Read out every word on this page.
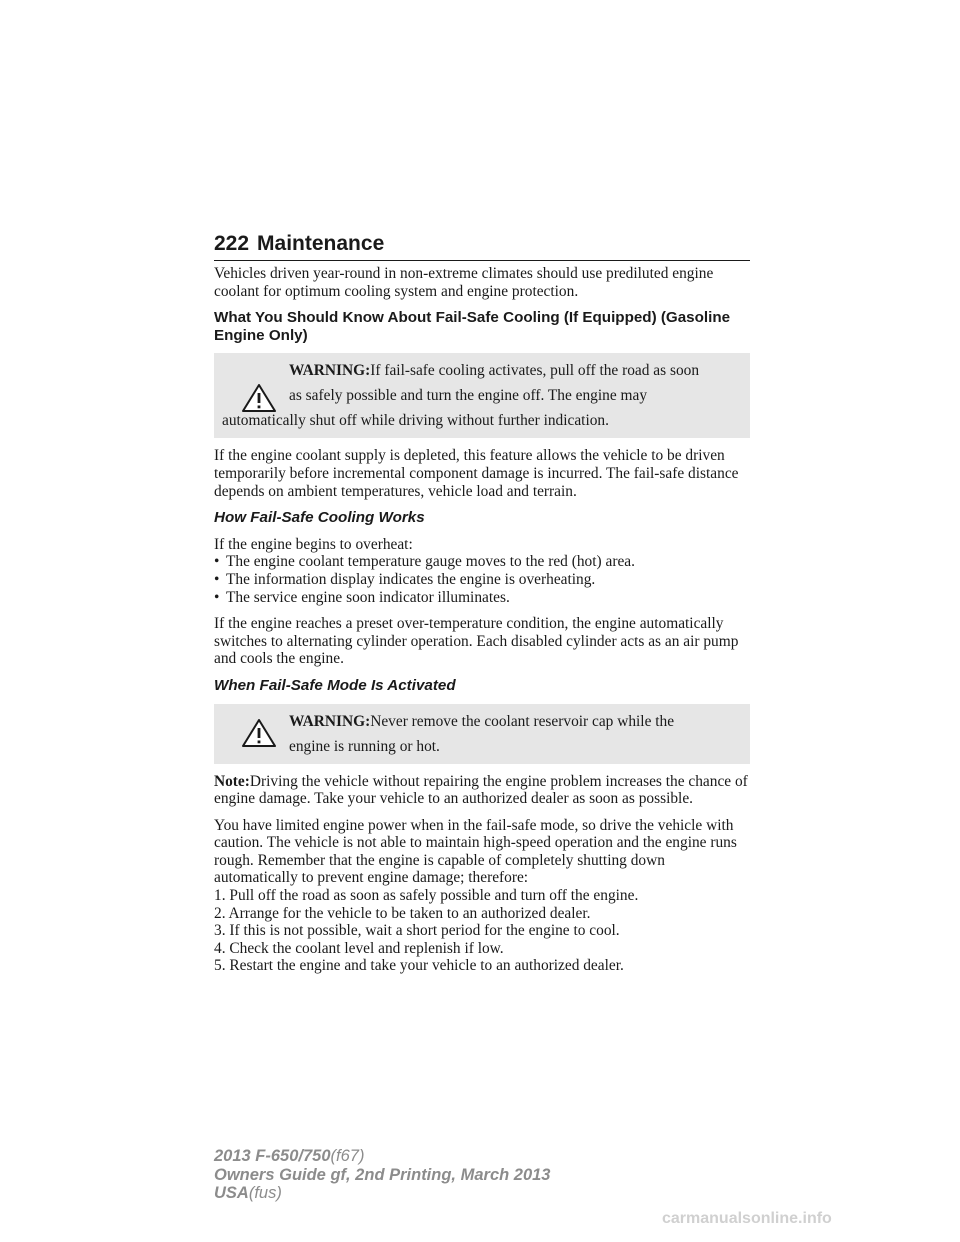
222 Maintenance

Vehicles driven year-round in non-extreme climates should use prediluted engine coolant for optimum cooling system and engine protection.

What You Should Know About Fail-Safe Cooling (If Equipped) (Gasoline Engine Only)
WARNING:If fail-safe cooling activates, pull off the road as soon
as safely possible and turn the engine off. The engine may
automatically shut off while driving without further indication.

If the engine coolant supply is depleted, this feature allows the vehicle to be driven temporarily before incremental component damage is incurred. The fail-safe distance depends on ambient temperatures, vehicle load and terrain.

How Fail-Safe Cooling Works

If the engine begins to overheat:

• The engine coolant temperature gauge moves to the red (hot) area.
• The information display indicates the engine is overheating.
• The service engine soon indicator illuminates.

If the engine reaches a preset over-temperature condition, the engine automatically switches to alternating cylinder operation. Each disabled cylinder acts as an air pump and cools the engine.

When Fail-Safe Mode Is Activated
WARNING:Never remove the coolant reservoir cap while the
engine is running or hot.

Note:Driving the vehicle without repairing the engine problem increases the chance of engine damage. Take your vehicle to an authorized dealer as soon as possible.

You have limited engine power when in the fail-safe mode, so drive the vehicle with caution. The vehicle is not able to maintain high-speed operation and the engine runs rough. Remember that the engine is capable of completely shutting down automatically to prevent engine damage; therefore:

1. Pull off the road as soon as safely possible and turn off the engine.
2. Arrange for the vehicle to be taken to an authorized dealer.
3. If this is not possible, wait a short period for the engine to cool.
4. Check the coolant level and replenish if low.
5. Restart the engine and take your vehicle to an authorized dealer.
2013 F-650/750(f67)
Owners Guide gf, 2nd Printing, March 2013
USA(fus)
carmanualsonline.info
